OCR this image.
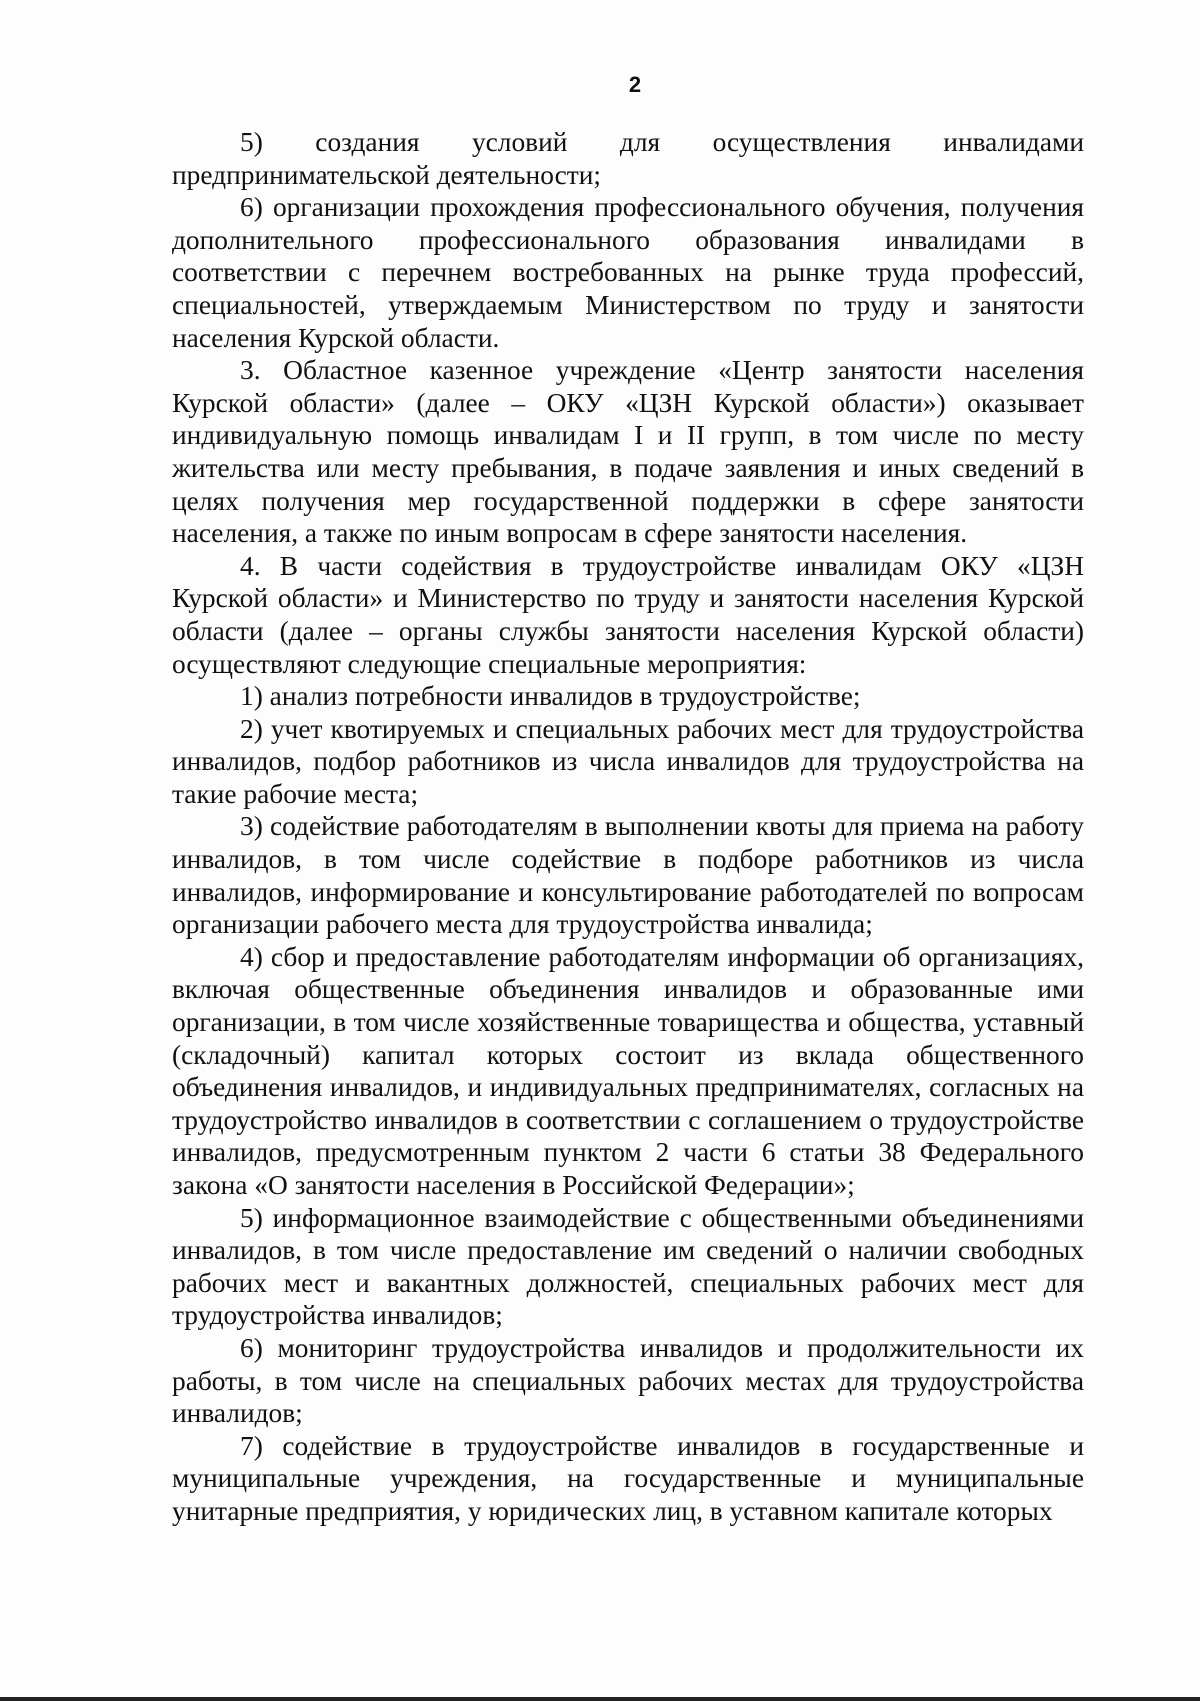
2

5) создания условий для осуществления инвалидами предпринимательской деятельности;

6) организации прохождения профессионального обучения, получения дополнительного профессионального образования инвалидами в соответствии с перечнем востребованных на рынке труда профессий, специальностей, утверждаемым Министерством по труду и занятости населения Курской области.

3. Областное казенное учреждение «Центр занятости населения Курской области» (далее – ОКУ «ЦЗН Курской области») оказывает индивидуальную помощь инвалидам I и II групп, в том числе по месту жительства или месту пребывания, в подаче заявления и иных сведений в целях получения мер государственной поддержки в сфере занятости населения, а также по иным вопросам в сфере занятости населения.

4. В части содействия в трудоустройстве инвалидам ОКУ «ЦЗН Курской области» и Министерство по труду и занятости населения Курской области (далее – органы службы занятости населения Курской области) осуществляют следующие специальные мероприятия:

1) анализ потребности инвалидов в трудоустройстве;

2) учет квотируемых и специальных рабочих мест для трудоустройства инвалидов, подбор работников из числа инвалидов для трудоустройства на такие рабочие места;

3) содействие работодателям в выполнении квоты для приема на работу инвалидов, в том числе содействие в подборе работников из числа инвалидов, информирование и консультирование работодателей по вопросам организации рабочего места для трудоустройства инвалида;

4) сбор и предоставление работодателям информации об организациях, включая общественные объединения инвалидов и образованные ими организации, в том числе хозяйственные товарищества и общества, уставный (складочный) капитал которых состоит из вклада общественного объединения инвалидов, и индивидуальных предпринимателях, согласных на трудоустройство инвалидов в соответствии с соглашением о трудоустройстве инвалидов, предусмотренным пунктом 2 части 6 статьи 38 Федерального закона «О занятости населения в Российской Федерации»;

5) информационное взаимодействие с общественными объединениями инвалидов, в том числе предоставление им сведений о наличии свободных рабочих мест и вакантных должностей, специальных рабочих мест для трудоустройства инвалидов;

6) мониторинг трудоустройства инвалидов и продолжительности их работы, в том числе на специальных рабочих местах для трудоустройства инвалидов;

7) содействие в трудоустройстве инвалидов в государственные и муниципальные учреждения, на государственные и муниципальные унитарные предприятия, у юридических лиц, в уставном капитале которых
